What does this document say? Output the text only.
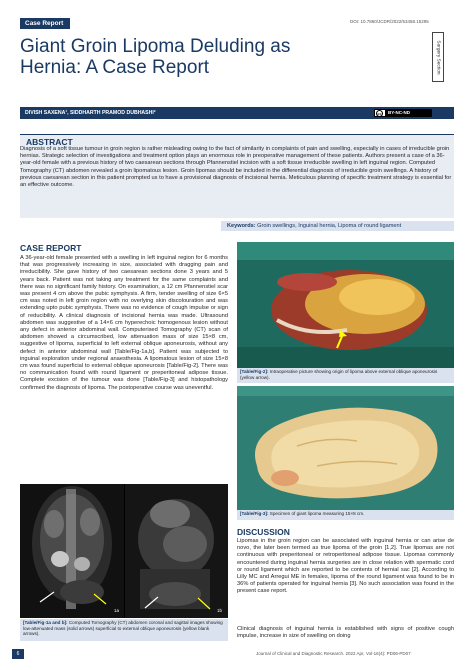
Case Report	DOI: 10.7860/JCDR/2022/53458.15295
Surgery Section
Giant Groin Lipoma Deluding as
Hernia: A Case Report
DIVISH SAXENA¹, SIDDHARTH PRAMOD DUBHASHI²	cc	BY-NC-ND
ABSTRACT
Diagnosis of a soft tissue tumour in groin region is rather misleading owing to the fact of similarity in complaints of pain and swelling, especially in cases of irreducible groin hernias. Strategic selection of investigations and treatment option plays an enormous role in preoperative management of these patients. Authors present a case of a 36-year-old female with a previous history of two caesarean sections through Pfannenstiel incision with a soft tissue irreducible swelling in left inguinal region. Computed Tomography (CT) abdomen revealed a groin lipomatous lesion. Groin lipomas should be included in the differential diagnosis of irreducible groin swellings. A history of previous caesarean section in this patient prompted us to have a provisional diagnosis of incisional hernia. Meticulous planning of specific treatment strategy is essential for an effective outcome.
Keywords: Groin swellings, Inguinal hernia, Lipoma of round ligament
CASE REPORT
A 36-year-old female presented with a swelling in left inguinal region for 6 months that was progressively increasing in size, associated with dragging pain and irreducibility. She gave history of two caesarean sections done 3 years and 5 years back. Patient was not taking any treatment for the same complaints and there was no significant family history. On examination, a 12 cm Pfannenstiel scar was present 4 cm above the pubic symphysis. A firm, tender swelling of size 6×5 cm was noted in left groin region with no overlying skin discolouration and was extending upto pubic symphysis. There was no evidence of cough impulse or sign of reducibility. A clinical diagnosis of incisional hernia was made. Ultrasound abdomen was suggestive of a 14×6 cm hyperechoic homogenous lesion without any defect in anterior abdominal wall. Computerised Tomography (CT) scan of abdomen showed a circumscribed, low attenuation mass of size 15×8 cm, suggestive of lipoma, superficial to left external oblique aponeurosis, without any defect in anterior abdominal wall [Table/Fig-1a,b]. Patient was subjected to inguinal exploration under regional anaesthesia. A lipomatous lesion of size 15×8 cm was found superficial to external oblique aponeurosis [Table/Fig-2]. There was no communication found with round ligament or preperitoneal adipose tissue. Complete excision of the tumour was done [Table/Fig-3] and histopathology confirmed the diagnosis of lipoma. The postoperative course was uneventful.
1a	1b
[Table/Fig-1a and b]: Computed Tomography (CT) abdomen coronal and sagittal images showing low-attenuated mass (solid arrows) superficial to external oblique aponeurosis (yellow blank arrows).
[Table/Fig-2]: Intraoperative picture showing origin of lipoma above external oblique aponeurosis (yellow arrow).
[Table/Fig-3]: Specimen of giant lipoma measuring 15×8 cm.
DISCUSSION
Lipomas in the groin region can be associated with inguinal hernia or can arise de novo, the later been termed as true lipoma of the groin [1,2]. True lipomas are not continuous with preperitoneal or retroperitoneal adipose tissue. Lipomas commonly encountered during inguinal hernia surgeries are in close relation with spermatic cord or round ligament which are reported to be contents of hernial sac [2]. According to Lilly MC and Arregui ME in females, lipoma of the round ligament was found to be in 36% of patients operated for inguinal hernia [3]. No such association was found in the present case report.
Clinical diagnosis of inguinal hernia is established with signs of positive cough impulse, increase in size of swelling on doing
6	Journal of Clinical and Diagnostic Research. 2022 Apr, Vol-16(4): PD06-PD07
